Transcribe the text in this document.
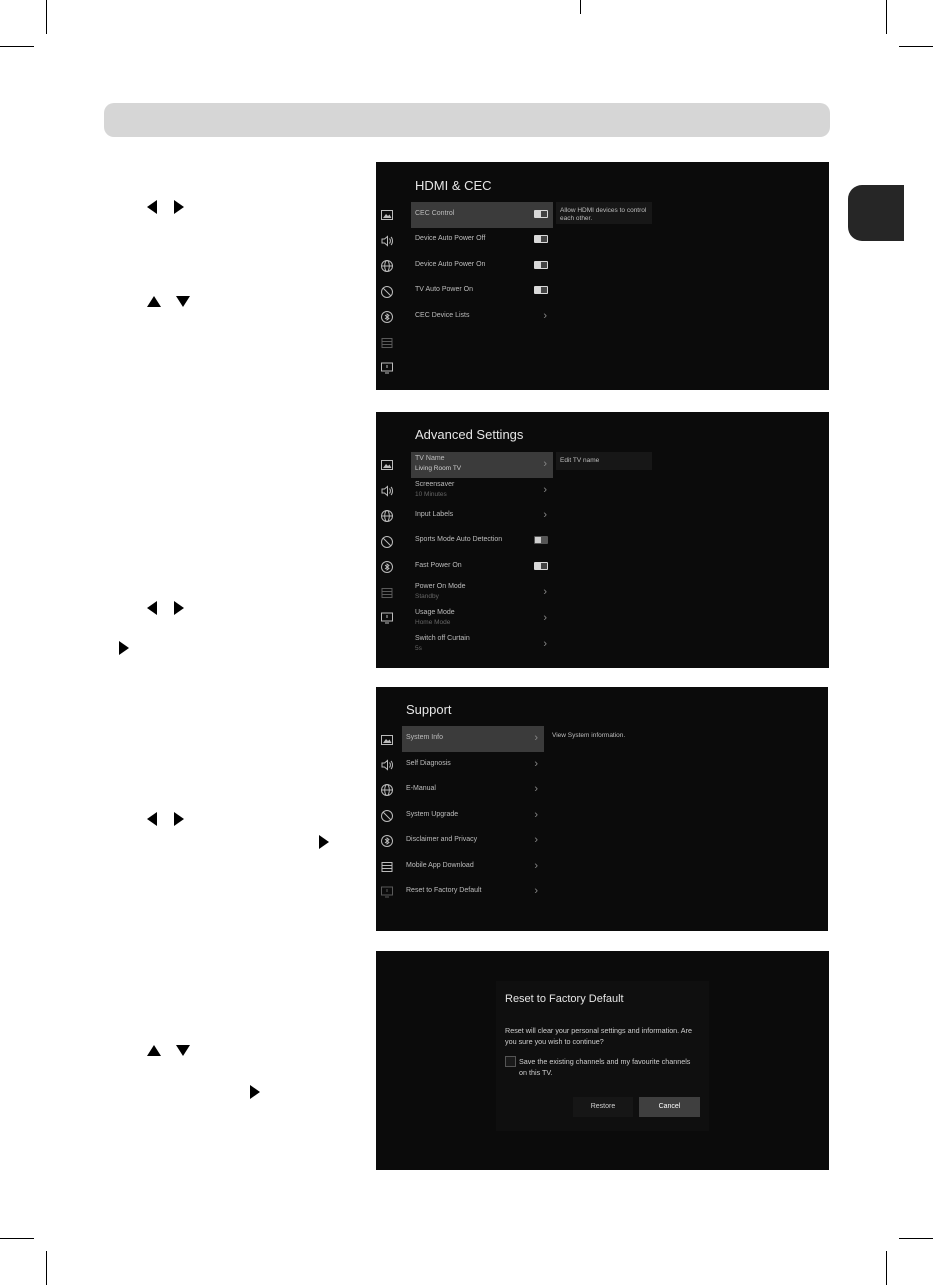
HDMI & CEC
CEC Control
Device Auto Power Off
Device Auto Power On
TV Auto Power On
CEC Device Lists	›
Allow HDMI devices to control each other.
Advanced Settings
TV Name
Living Room TV	›
Screensaver
10 Minutes	›
Input Labels	›
Sports Mode Auto Detection
Fast Power On
Power On Mode
Standby	›
Usage Mode
Home Mode	›
Switch off Curtain
5s	›
Edit TV name
Support
System Info	›
Self Diagnosis	›
E-Manual	›
System Upgrade	›
Disclaimer and Privacy	›
Mobile App Download	›
Reset to Factory Default	›
View System information.
Reset to Factory Default
Reset will clear your personal settings and information. Are you sure you wish to continue?
Save the existing channels and my favourite channels on this TV.
Restore	Cancel
